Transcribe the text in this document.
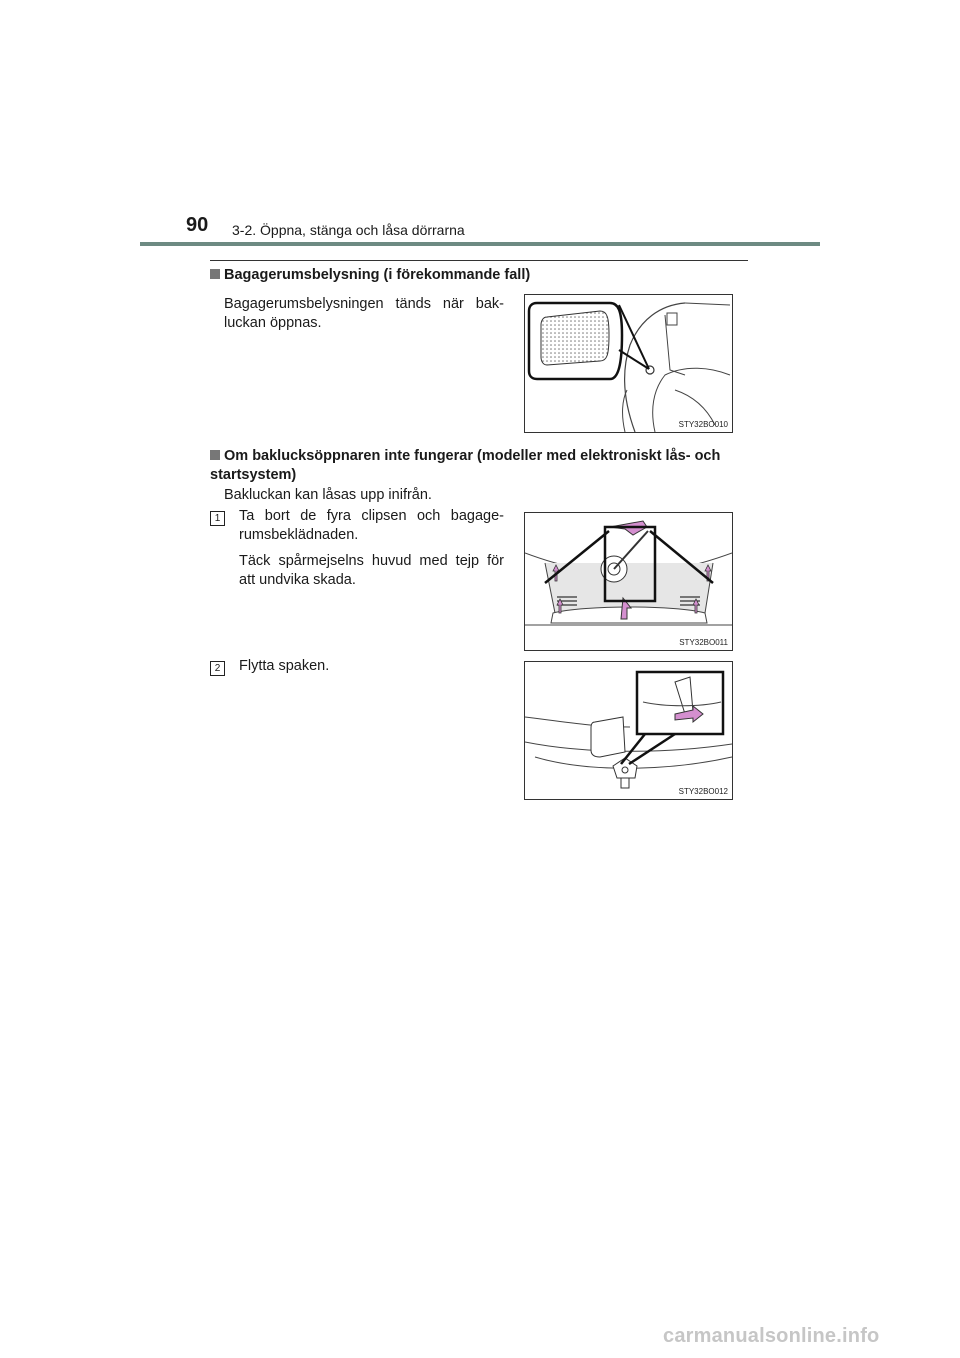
90 3-2. Öppna, stänga och låsa dörrarna
Bagagerumsbelysning (i förekommande fall)
Bagagerumsbelysningen tänds när bak-luckan öppnas.
STY32BO010
Om baklucksöppnaren inte fungerar (modeller med elektroniskt lås- och startsystem)
Bakluckan kan låsas upp inifrån.
1	Ta bort de fyra clipsen och bagage-rumsbeklädnaden.
Täck spårmejselns huvud med tejp för att undvika skada.
STY32BO011
2	Flytta spaken.
STY32BO012
carmanualsonline.info
